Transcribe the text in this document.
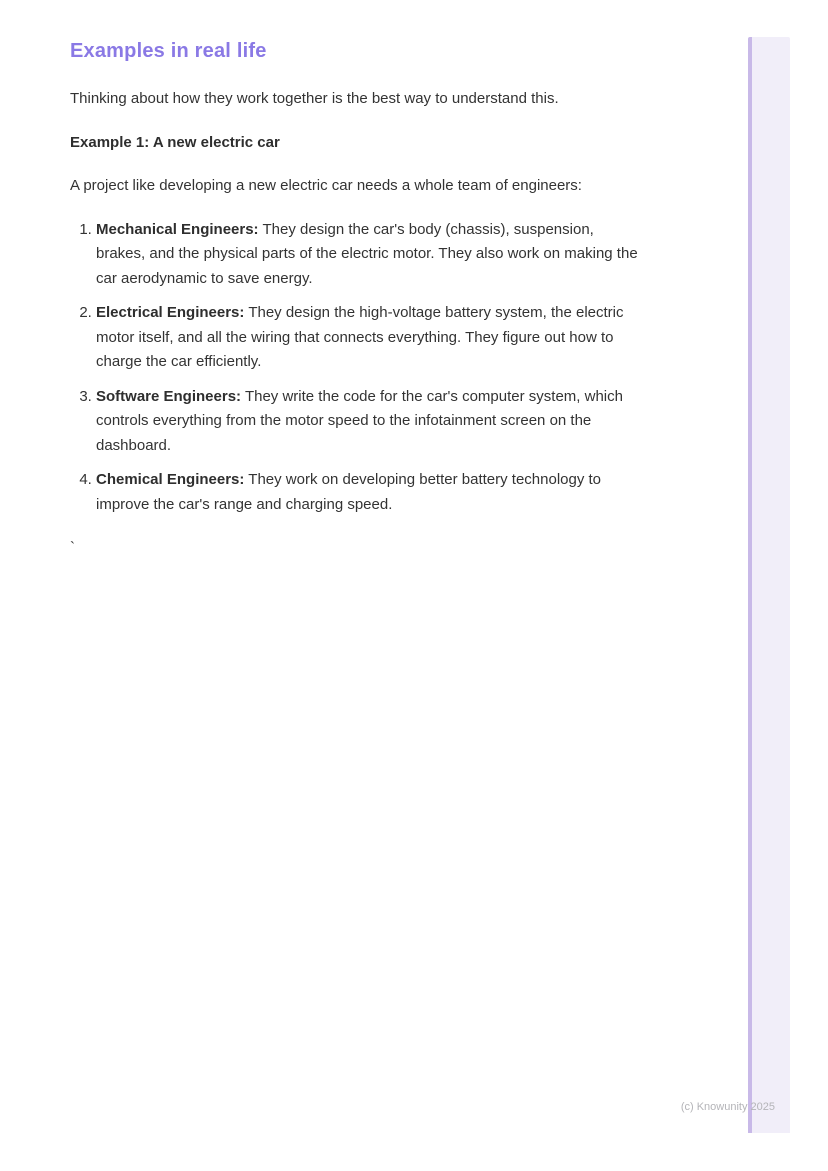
Examples in real life

Thinking about how they work together is the best way to understand this.

Example 1: A new electric car

A project like developing a new electric car needs a whole team of engineers:

1. Mechanical Engineers: They design the car's body (chassis), suspension, brakes, and the physical parts of the electric motor. They also work on making the car aerodynamic to save energy.
2. Electrical Engineers: They design the high-voltage battery system, the electric motor itself, and all the wiring that connects everything. They figure out how to charge the car efficiently.
3. Software Engineers: They write the code for the car's computer system, which controls everything from the motor speed to the infotainment screen on the dashboard.
4. Chemical Engineers: They work on developing better battery technology to improve the car's range and charging speed.

`

(c) Knowunity 2025
